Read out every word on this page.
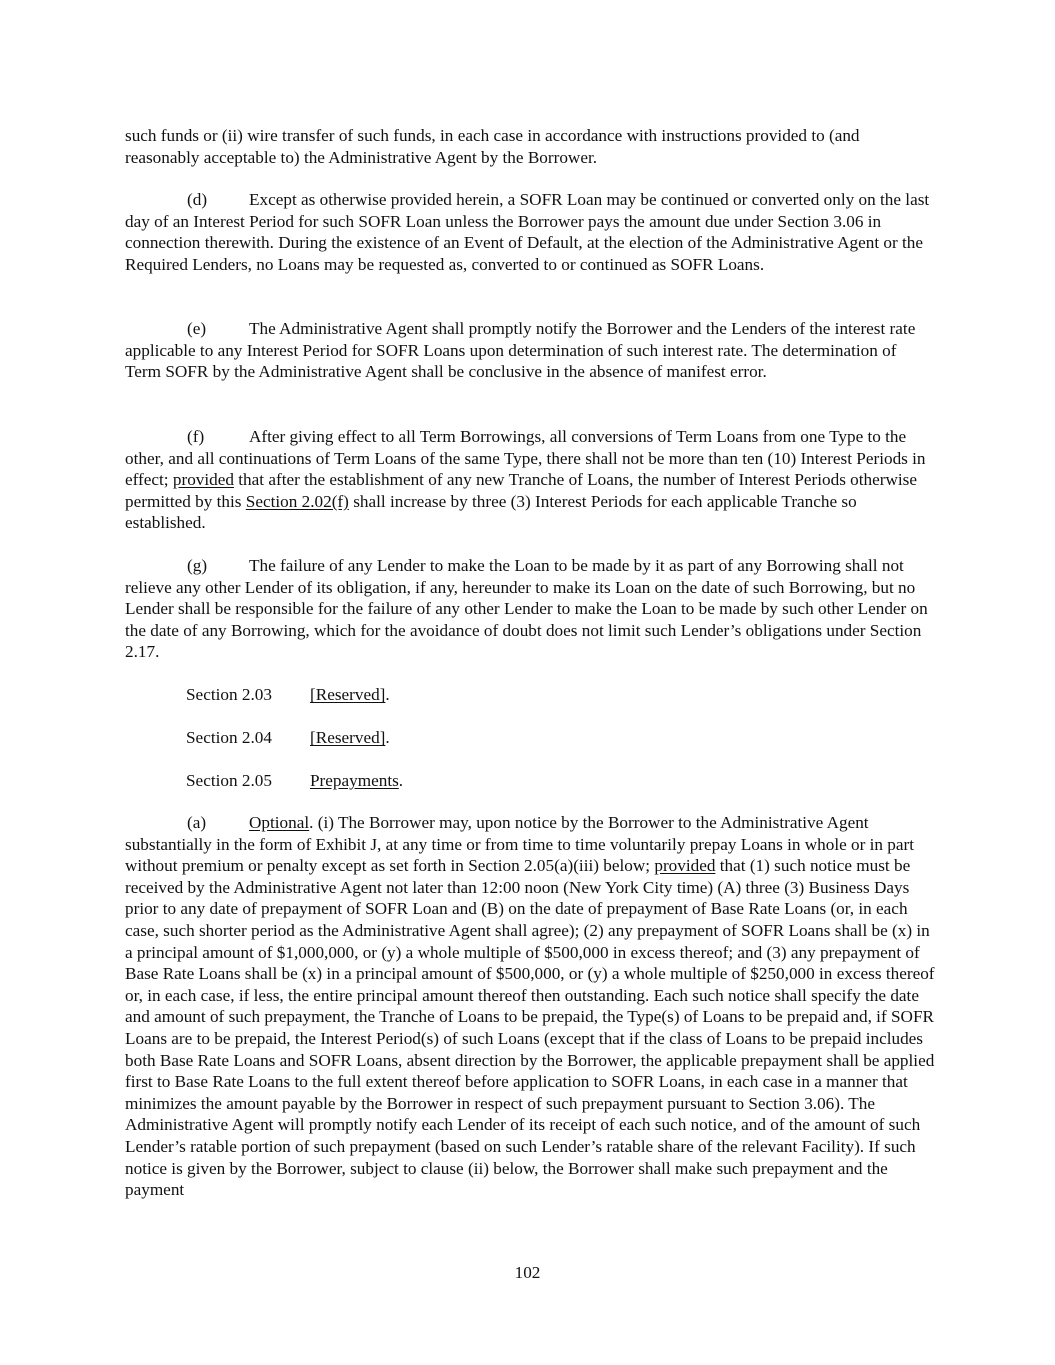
such funds or (ii) wire transfer of such funds, in each case in accordance with instructions provided to (and reasonably acceptable to) the Administrative Agent by the Borrower.

(d) Except as otherwise provided herein, a SOFR Loan may be continued or converted only on the last day of an Interest Period for such SOFR Loan unless the Borrower pays the amount due under Section 3.06 in connection therewith. During the existence of an Event of Default, at the election of the Administrative Agent or the Required Lenders, no Loans may be requested as, converted to or continued as SOFR Loans.

(e) The Administrative Agent shall promptly notify the Borrower and the Lenders of the interest rate applicable to any Interest Period for SOFR Loans upon determination of such interest rate. The determination of Term SOFR by the Administrative Agent shall be conclusive in the absence of manifest error.

(f)	After giving effect to all Term Borrowings, all conversions of Term Loans from one Type to the other, and all continuations of Term Loans of the same Type, there shall not be more than ten (10) Interest Periods in effect; provided that after the establishment of any new Tranche of Loans, the number of Interest Periods otherwise permitted by this Section 2.02(f) shall increase by three (3) Interest Periods for each applicable Tranche so established.

(g) The failure of any Lender to make the Loan to be made by it as part of any Borrowing shall not relieve any other Lender of its obligation, if any, hereunder to make its Loan on the date of such Borrowing, but no Lender shall be responsible for the failure of any other Lender to make the Loan to be made by such other Lender on the date of any Borrowing, which for the avoidance of doubt does not limit such Lender’s obligations under Section 2.17.

Section 2.03 [Reserved].

Section 2.04 [Reserved].

Section 2.05 Prepayments.

(a) Optional. (i) The Borrower may, upon notice by the Borrower to the Administrative Agent substantially in the form of Exhibit J, at any time or from time to time voluntarily prepay Loans in whole or in part without premium or penalty except as set forth in Section 2.05(a)(iii) below; provided that (1) such notice must be received by the Administrative Agent not later than 12:00 noon (New York City time) (A) three (3) Business Days prior to any date of prepayment of SOFR Loan and (B) on the date of prepayment of Base Rate Loans (or, in each case, such shorter period as the Administrative Agent shall agree); (2) any prepayment of SOFR Loans shall be (x) in a principal amount of $1,000,000, or (y) a whole multiple of $500,000 in excess thereof; and (3) any prepayment of Base Rate Loans shall be (x) in a principal amount of $500,000, or (y) a whole multiple of $250,000 in excess thereof or, in each case, if less, the entire principal amount thereof then outstanding. Each such notice shall specify the date and amount of such prepayment, the Tranche of Loans to be prepaid, the Type(s) of Loans to be prepaid and, if SOFR Loans are to be prepaid, the Interest Period(s) of such Loans (except that if the class of Loans to be prepaid includes both Base Rate Loans and SOFR Loans, absent direction by the Borrower, the applicable prepayment shall be applied first to Base Rate Loans to the full extent thereof before application to SOFR Loans, in each case in a manner that minimizes the amount payable by the Borrower in respect of such prepayment pursuant to Section 3.06). The Administrative Agent will promptly notify each Lender of its receipt of each such notice, and of the amount of such Lender’s ratable portion of such prepayment (based on such Lender’s ratable share of the relevant Facility). If such notice is given by the Borrower, subject to clause (ii) below, the Borrower shall make such prepayment and the payment

102
